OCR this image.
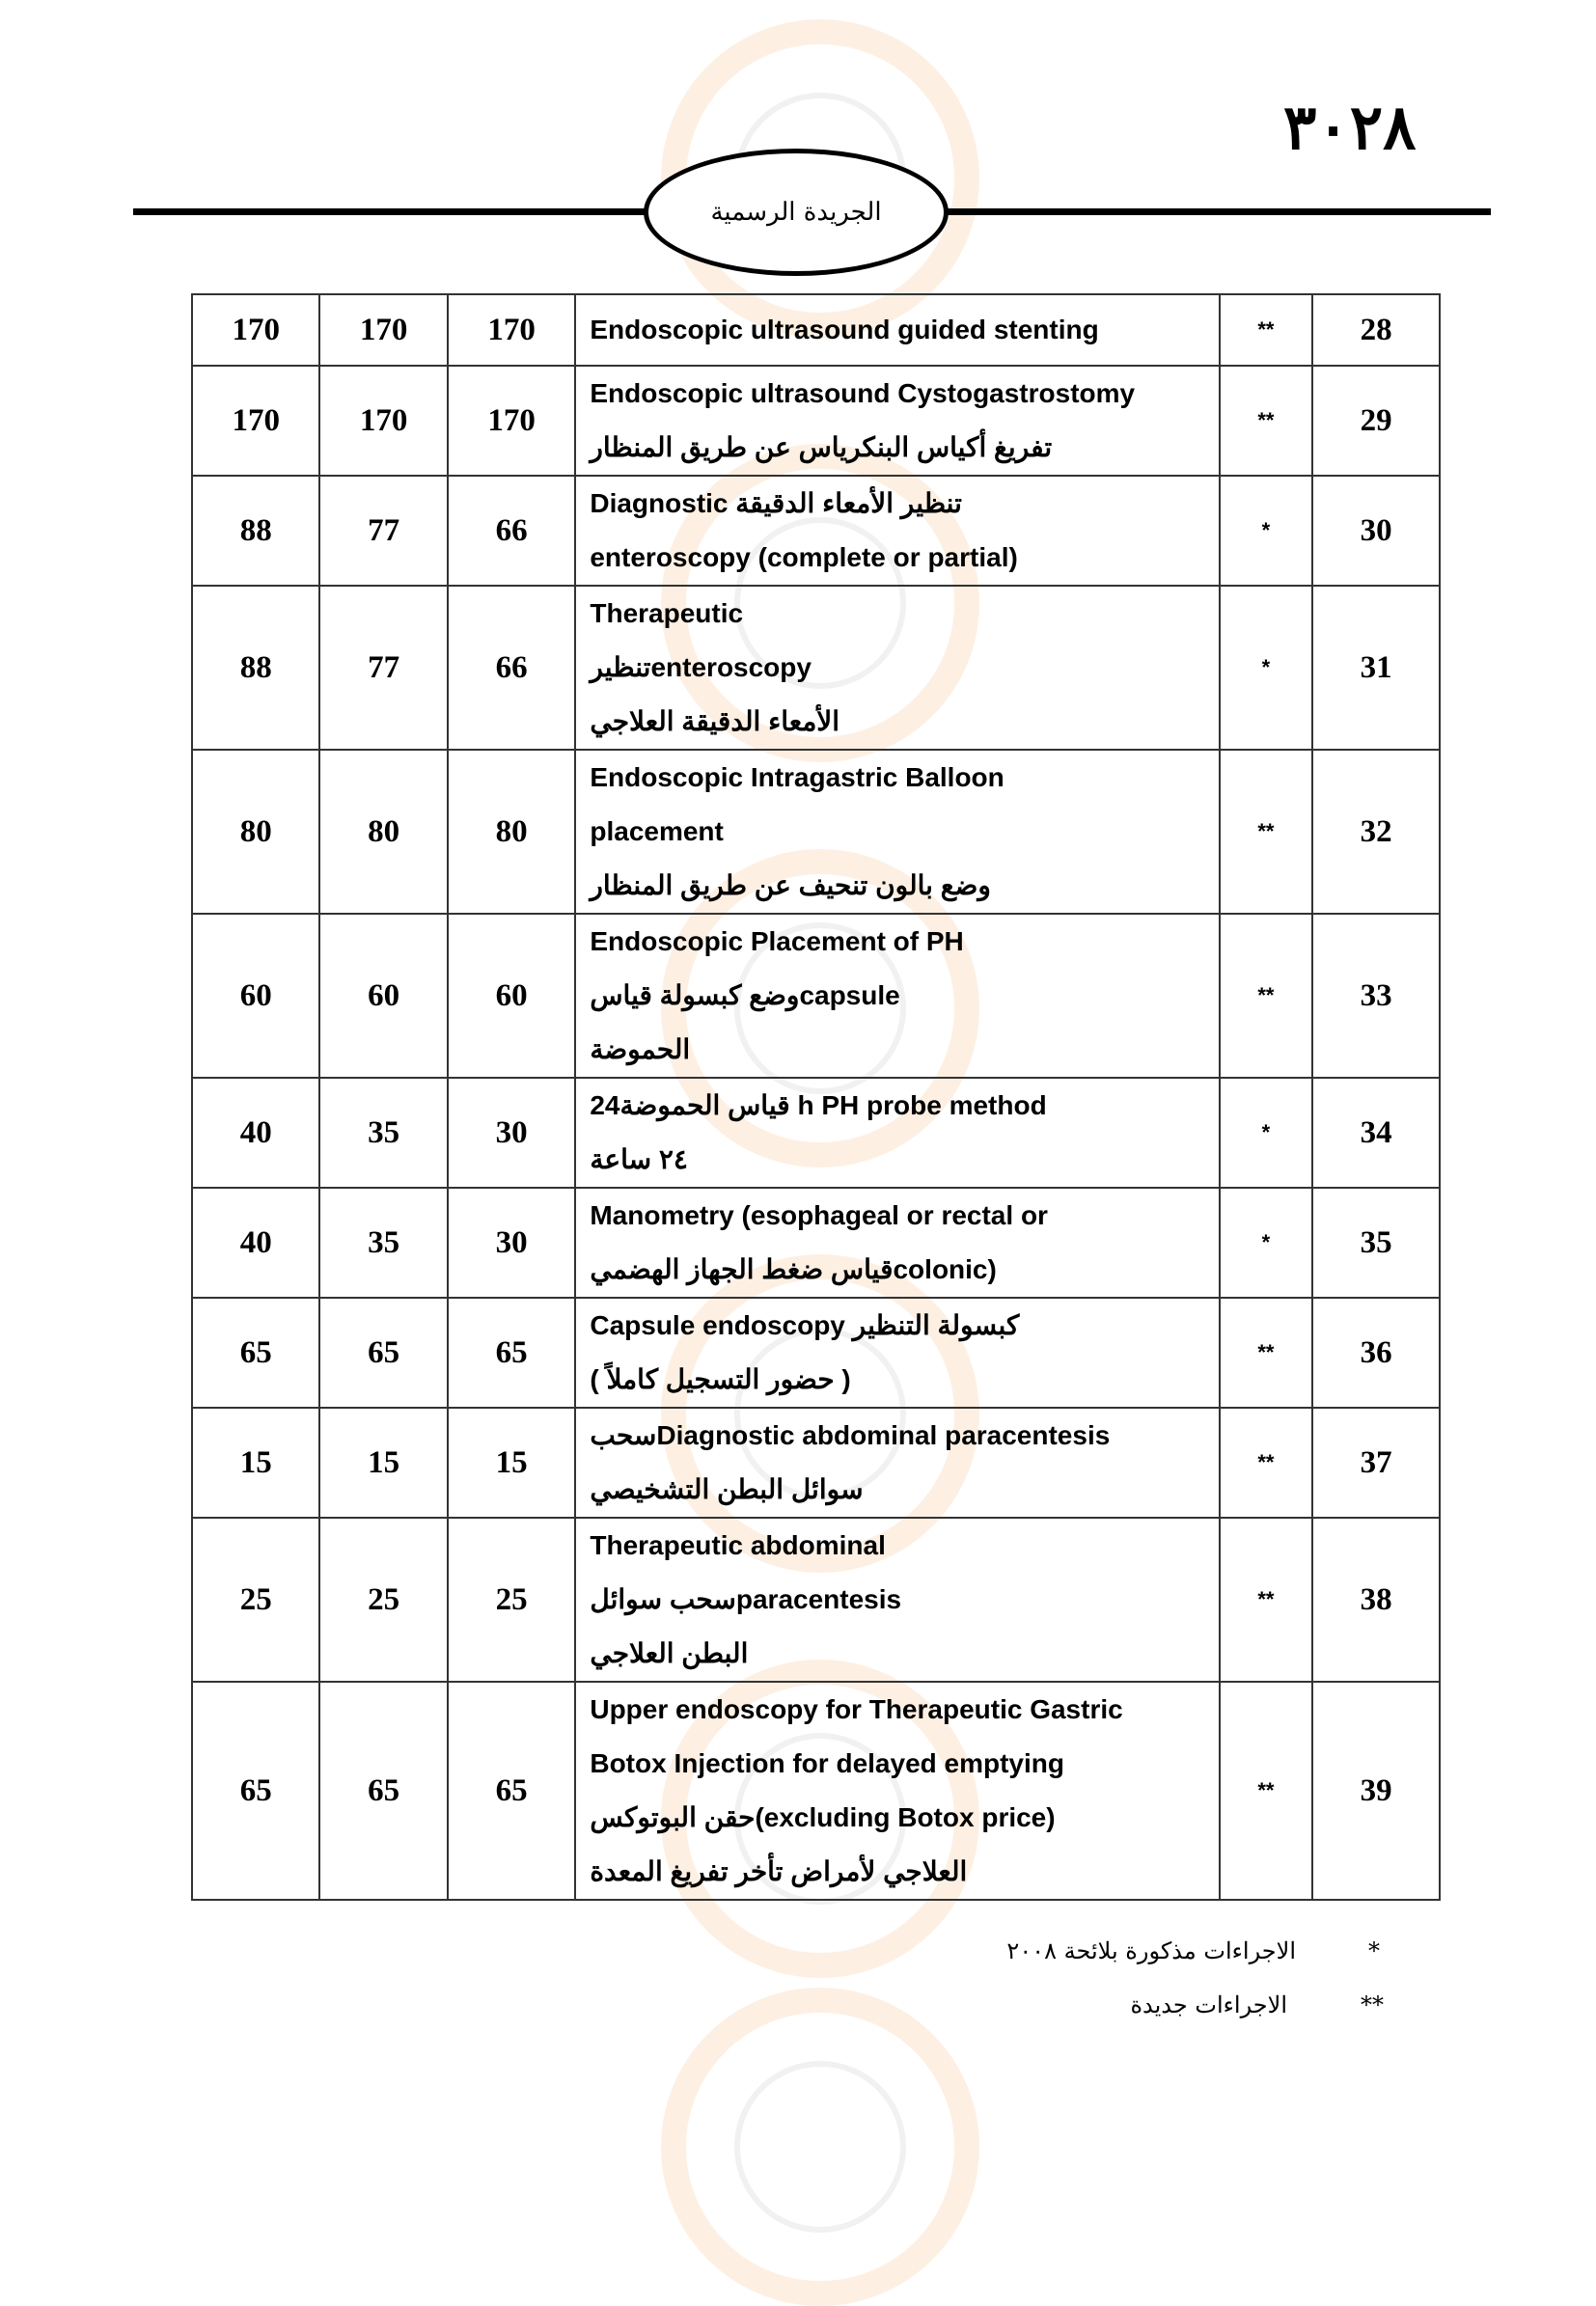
٣٠٢٨
الجريدة الرسمية
170	170	170	Endoscopic ultrasound guided stenting	**	28
170	170	170	Endoscopic ultrasound Cystogastrostomy
تفريغ أكياس البنكرياس عن طريق المنظار	**	29
88	77	66	Diagnostic تنظير الأمعاء الدقيقة
enteroscopy (complete or partial)	*	30
88	77	66	Therapeutic
تنظيرenteroscopy
الأمعاء الدقيقة العلاجي	*	31
80	80	80	Endoscopic Intragastric Balloon
placement
وضع بالون تنحيف عن طريق المنظار	**	32
60	60	60	Endoscopic Placement of PH
وضع كبسولة قياسcapsule
الحموضة	**	33
40	35	30	قياس الحموضة24 h PH probe method
٢٤ ساعة	*	34
40	35	30	Manometry (esophageal or rectal or
قياس ضغط الجهاز الهضميcolonic)	*	35
65	65	65	Capsule endoscopy كبسولة التنظير
( حضور التسجيل كاملاً )	**	36
15	15	15	سحبDiagnostic abdominal paracentesis
سوائل البطن التشخيصي	**	37
25	25	25	Therapeutic abdominal
سحب سوائلparacentesis
البطن العلاجي	**	38
65	65	65	Upper endoscopy for Therapeutic Gastric
Botox Injection for delayed emptying
حقن البوتوكس(excluding Botox price)
العلاجي لأمراض تأخر تفريغ المعدة	**	39
*
الاجراءات مذكورة بلائحة ٢٠٠٨
**
الاجراءات جديدة
